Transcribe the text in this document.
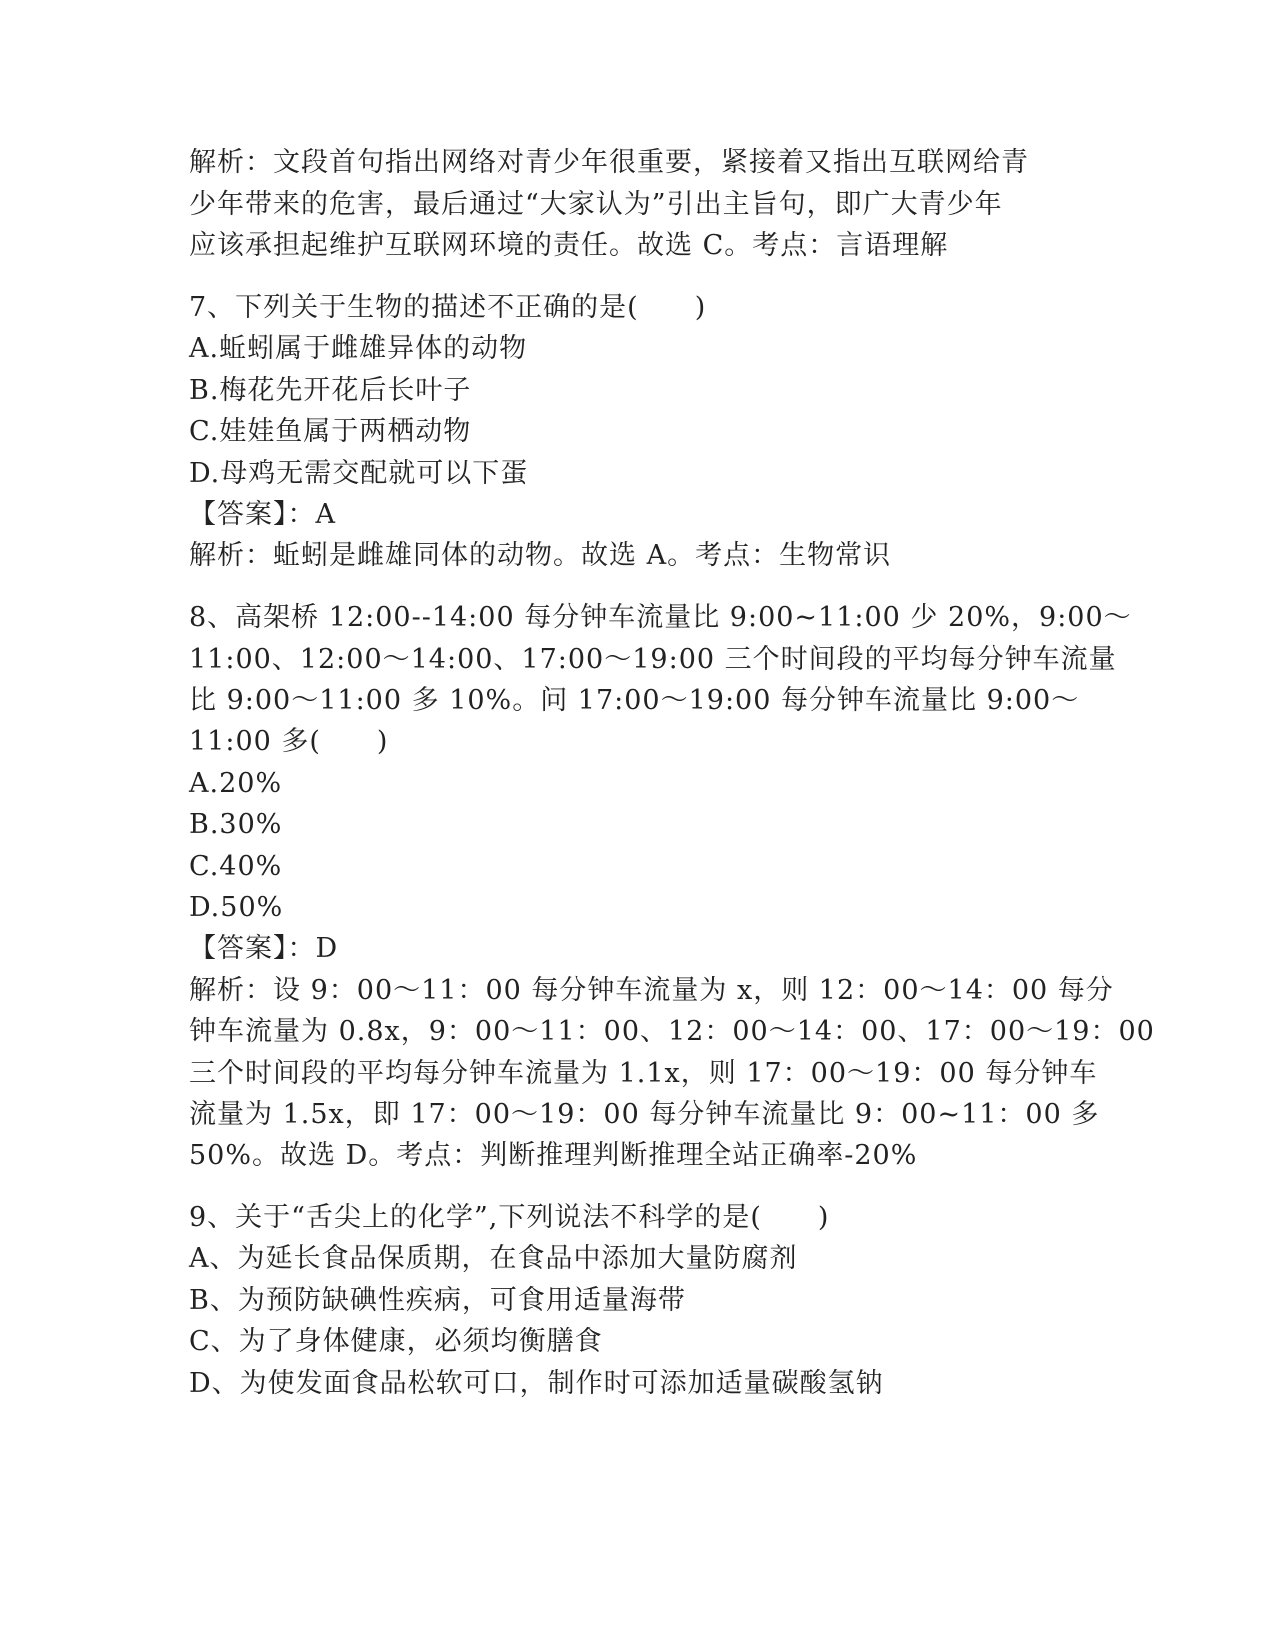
解析：文段首句指出网络对青少年很重要，紧接着又指出互联网给青
少年带来的危害，最后通过“大家认为”引出主旨句，即广大青少年
应该承担起维护互联网环境的责任。故选 C。考点：言语理解
7、下列关于生物的描述不正确的是(　　)
A.蚯蚓属于雌雄异体的动物
B.梅花先开花后长叶子
C.娃娃鱼属于两栖动物
D.母鸡无需交配就可以下蛋
【答案】：A
解析：蚯蚓是雌雄同体的动物。故选 A。考点：生物常识
8、高架桥 12:00--14:00 每分钟车流量比 9:00~11:00 少 20%，9:00～
11:00、12:00～14:00、17:00～19:00 三个时间段的平均每分钟车流量
比 9:00～11:00 多 10%。问 17:00～19:00 每分钟车流量比 9:00～
11:00 多(　　)
A.20%
B.30%
C.40%
D.50%
【答案】：D
解析：设 9：00～11：00 每分钟车流量为 x，则 12：00～14：00 每分
钟车流量为 0.8x，9：00～11：00、12：00～14：00、17：00～19：00
三个时间段的平均每分钟车流量为 1.1x，则 17：00～19：00 每分钟车
流量为 1.5x，即 17：00～19：00 每分钟车流量比 9：00~11：00 多
50%。故选 D。考点：判断推理判断推理全站正确率-20%
9、关于“舌尖上的化学”,下列说法不科学的是(　　)
A、为延长食品保质期，在食品中添加大量防腐剂
B、为预防缺碘性疾病，可食用适量海带
C、为了身体健康，必须均衡膳食
D、为使发面食品松软可口，制作时可添加适量碳酸氢钠
